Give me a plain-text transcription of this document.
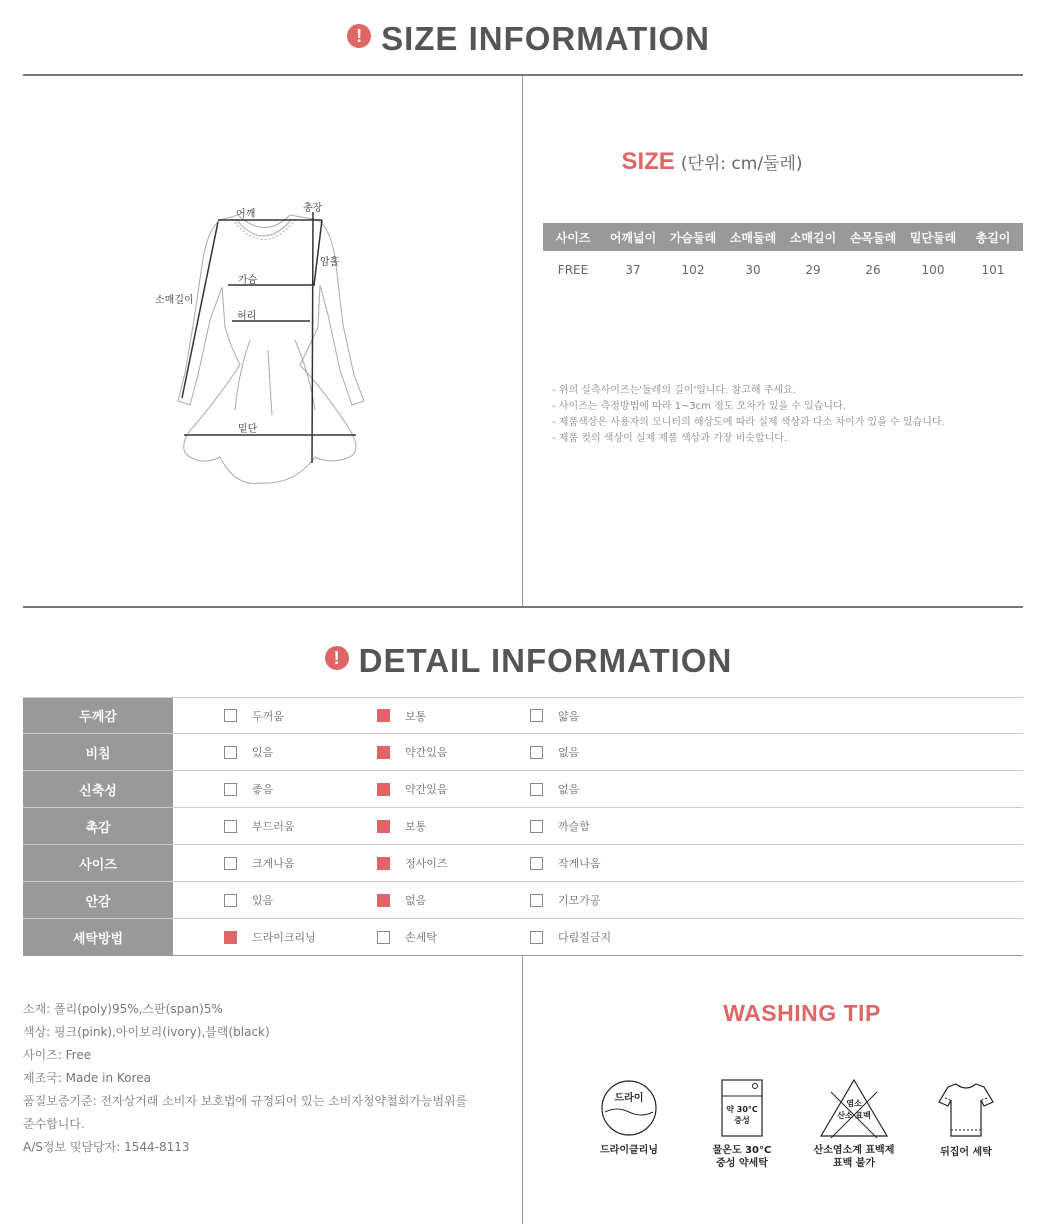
! SIZE INFORMATION
어깨
총장
암홀
가슴
소매길이
허리
밑단
SIZE (단위: cm/둘레)
사이즈	어깨넓이	가슴둘레	소매둘레	소매길이	손목둘레	밑단둘레	총길이
FREE	37	102	30	29	26	100	101

- 위의 실측사이즈는'둘레의 길이'입니다. 참고해 주세요.

- 사이즈는 측정방법에 따라 1~3cm 정도 오차가 있을 수 있습니다.

- 제품색상은 사용자의 모니터의 해상도에 따라 실제 색상과 다소 차이가 있을 수 있습니다.

- 제품 컷의 색상이 실제 제품 색상과 가장 비슷합니다.

! DETAIL INFORMATION
두께감	두꺼움	보통	얇음
비침	있음	약간있음	없음
신축성	좋음	약간있음	없음
촉감	부드러움	보통	까슬함
사이즈	크게나옴	정사이즈	작게나옴
안감	있음	없음	기모가공
세탁방법	드라이크리닝	손세탁	다림질금지

소재: 폴리(poly)95%,스판(span)5%

색상: 핑크(pink),아이보리(ivory),블랙(black)

사이즈: Free

제조국: Made in Korea

품질보증기준: 전자상거래 소비자 보호법에 규정되어 있는 소비자청약철회가능범위를

준수합니다.

A/S정보 및담당자: 1544-8113

WASHING TIP
드라이
드라이클리닝
약 30°C
중성
물온도 30°C
중성 약세탁
염소
산소 표백
산소염소계 표백제
표백 불가
뒤집어 세탁
